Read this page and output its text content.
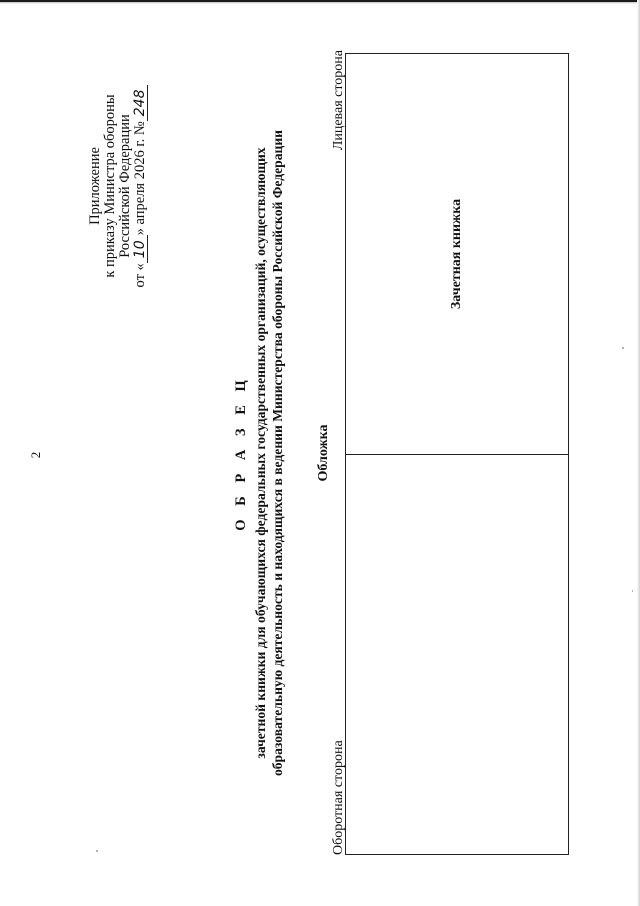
2
Приложение к приказу Министра обороны Российской Федерации
от «10» апреля 2026 г. №248
О Б Р А З Е Ц зачетной книжки для обучающихся федеральных государственных организаций, осуществляющих образовательную деятельность и находящихся в ведении Министерства обороны Российской Федерации Обложка
Оборотная сторона
Лицевая сторона
Зачетная книжка
